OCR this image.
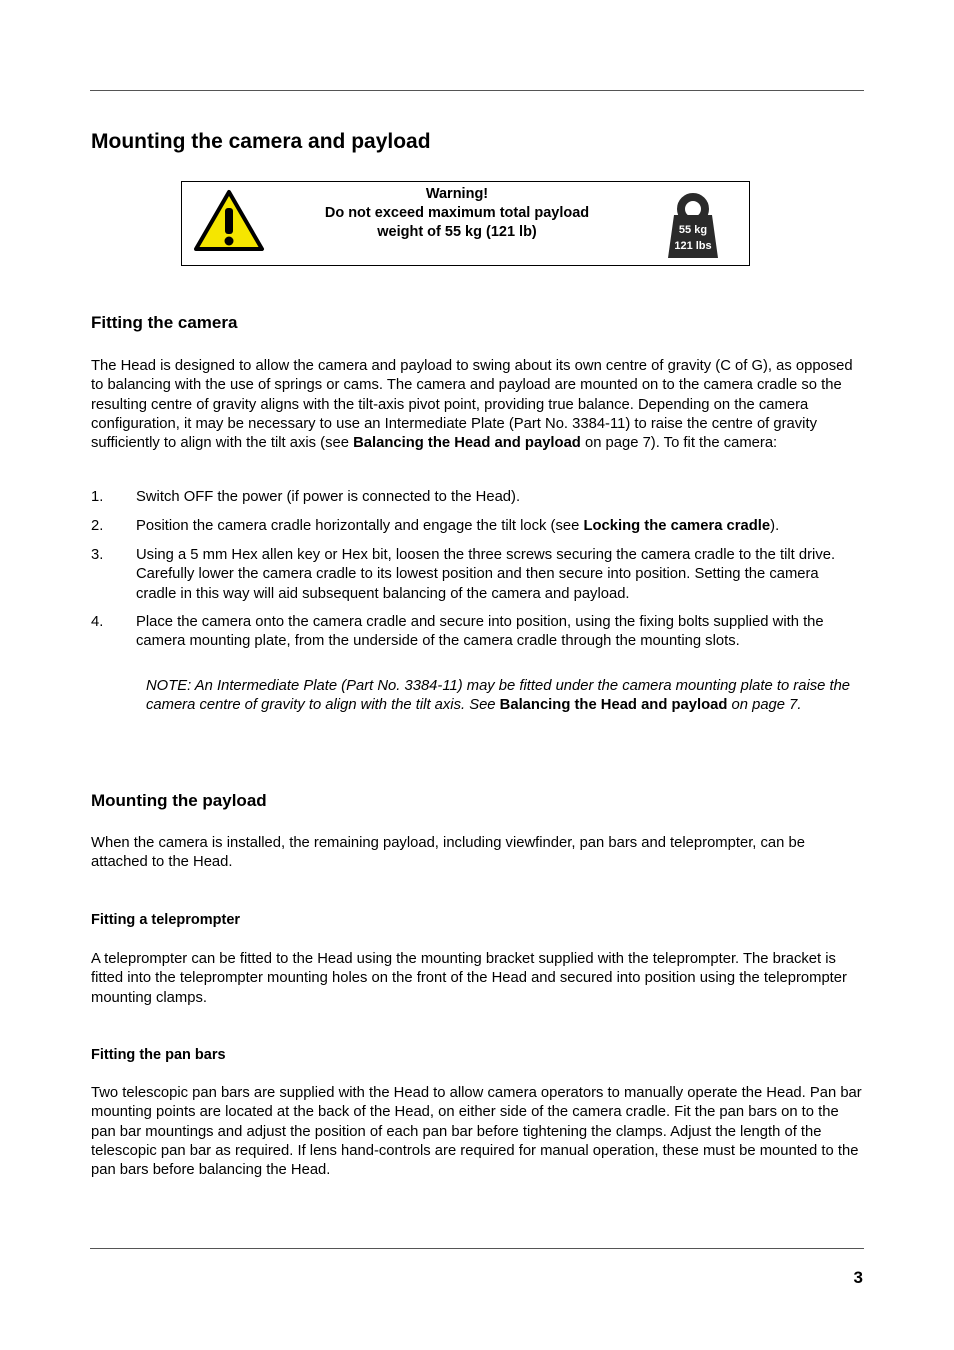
Mounting the camera and payload
Warning!
Do not exceed maximum total payload
weight of 55 kg (121 lb)	55 kg
121 lbs
Fitting the camera

The Head is designed to allow the camera and payload to swing about its own centre of gravity (C of G), as opposed to balancing with the use of springs or cams. The camera and payload are mounted on to the camera cradle so the resulting centre of gravity aligns with the tilt-axis pivot point, providing true balance. Depending on the camera configuration, it may be necessary to use an Intermediate Plate (Part No. 3384-11) to raise the centre of gravity sufficiently to align with the tilt axis (see Balancing the Head and payload on page 7). To fit the camera:

1. Switch OFF the power (if power is connected to the Head).
2. Position the camera cradle horizontally and engage the tilt lock (see Locking the camera cradle).
3. Using a 5 mm Hex allen key or Hex bit, loosen the three screws securing the camera cradle to the tilt drive. Carefully lower the camera cradle to its lowest position and then secure into position. Setting the camera cradle in this way will aid subsequent balancing of the camera and payload.
4. Place the camera onto the camera cradle and secure into position, using the fixing bolts supplied with the camera mounting plate, from the underside of the camera cradle through the mounting slots.
NOTE: An Intermediate Plate (Part No. 3384-11) may be fitted under the camera mounting plate to raise the camera centre of gravity to align with the tilt axis. See Balancing the Head and payload on page 7.
Mounting the payload

When the camera is installed, the remaining payload, including viewfinder, pan bars and teleprompter, can be attached to the Head.

Fitting a teleprompter

A teleprompter can be fitted to the Head using the mounting bracket supplied with the teleprompter. The bracket is fitted into the teleprompter mounting holes on the front of the Head and secured into position using the teleprompter mounting clamps.

Fitting the pan bars

Two telescopic pan bars are supplied with the Head to allow camera operators to manually operate the Head. Pan bar mounting points are located at the back of the Head, on either side of the camera cradle. Fit the pan bars on to the pan bar mountings and adjust the position of each pan bar before tightening the clamps. Adjust the length of the telescopic pan bar as required. If lens hand-controls are required for manual operation, these must be mounted to the pan bars before balancing the Head.

3
